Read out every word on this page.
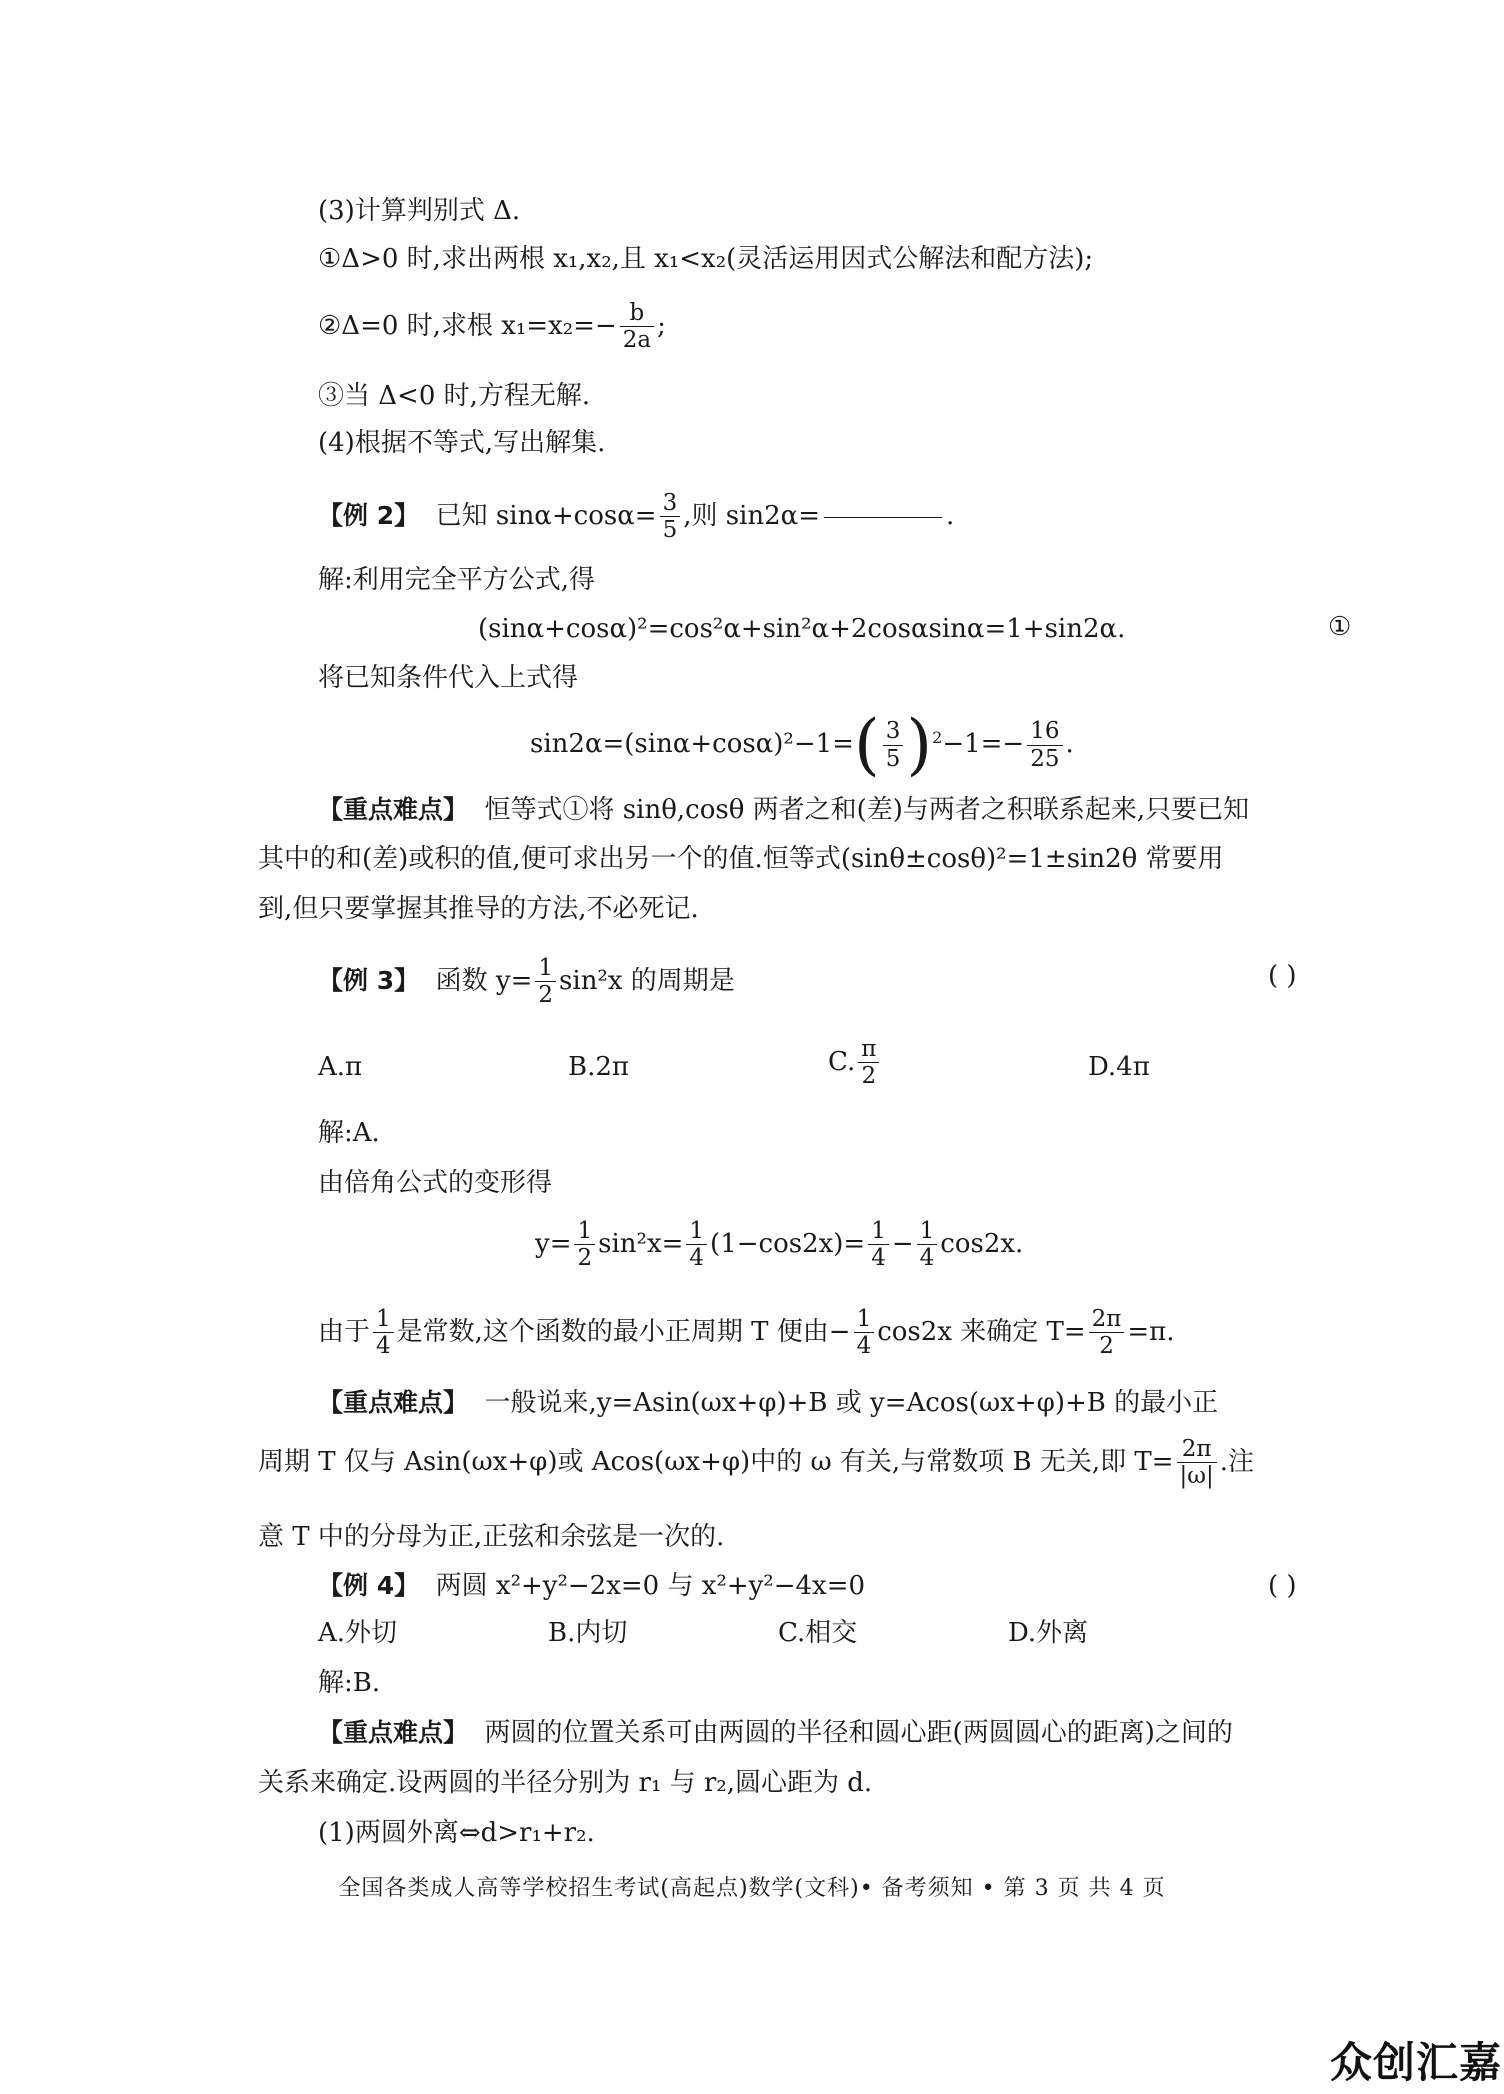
(3)计算判别式 Δ.
①Δ>0 时,求出两根 x₁,x₂,且 x₁<x₂(灵活运用因式公解法和配方法);
②Δ=0 时,求根 $x_1=x_2=- \frac{b}{2a}$ ;
③当 Δ<0 时,方程无解.
(4)根据不等式,写出解集.
【例 2】 已知 $\sin\alpha+\cos\alpha= \frac{3}{5}$ ,则 sin2α=	.
解:利用完全平方公式,得
(sinα+cosα)²=cos²α+sin²α+2cosαsinα=1+sin2α.	①
将已知条件代入上式得
$\sin 2\alpha=(\sin\alpha+\cos\alpha)^2-1=( \frac{3}{5} )^2-1=- \frac{16}{25}$ .
【重点难点】 恒等式①将 sinθ,cosθ 两者之和(差)与两者之积联系起来,只要已知
其中的和(差)或积的值,便可求出另一个的值.恒等式(sinθ±cosθ)²=1±sin2θ 常要用
到,但只要掌握其推导的方法,不必死记.
【例 3】 函数 $y= \frac{1}{2} \sin^2x$ 的周期是	( )
A.π	B.2π	C. $\frac{\pi}{2}$	D.4π
解:A.
由倍角公式的变形得
$y= \frac{1}{2} \sin^2x= \frac{1}{4} (1-\cos 2x)= \frac{1}{4} - \frac{1}{4} \cos 2x$.
由于 $\frac{1}{4}$ 是常数,这个函数的最小正周期 T 便由− $\frac{1}{4} \cos 2x$ 来确定 $T= \frac{2\pi}{2} =\pi$.
【重点难点】 一般说来,y=Asin(ωx+φ)+B 或 y=Acos(ωx+φ)+B 的最小正
周期 T 仅与 Asin(ωx+φ)或 Acos(ωx+φ)中的 ω 有关,与常数项 B 无关,即 $T= \frac{2\pi}{|\omega|}$ .注
意 T 中的分母为正,正弦和余弦是一次的.
【例 4】 两圆 x²+y²−2x=0 与 x²+y²−4x=0	( )
A.外切	B.内切	C.相交	D.外离
解:B.
【重点难点】 两圆的位置关系可由两圆的半径和圆心距(两圆圆心的距离)之间的
关系来确定.设两圆的半径分别为 r₁ 与 r₂,圆心距为 d.
(1)两圆外离⇔d>r₁+r₂.
全国各类成人高等学校招生考试(高起点)数学(文科)• 备考须知 • 第 3 页 共 4 页
众创汇嘉
